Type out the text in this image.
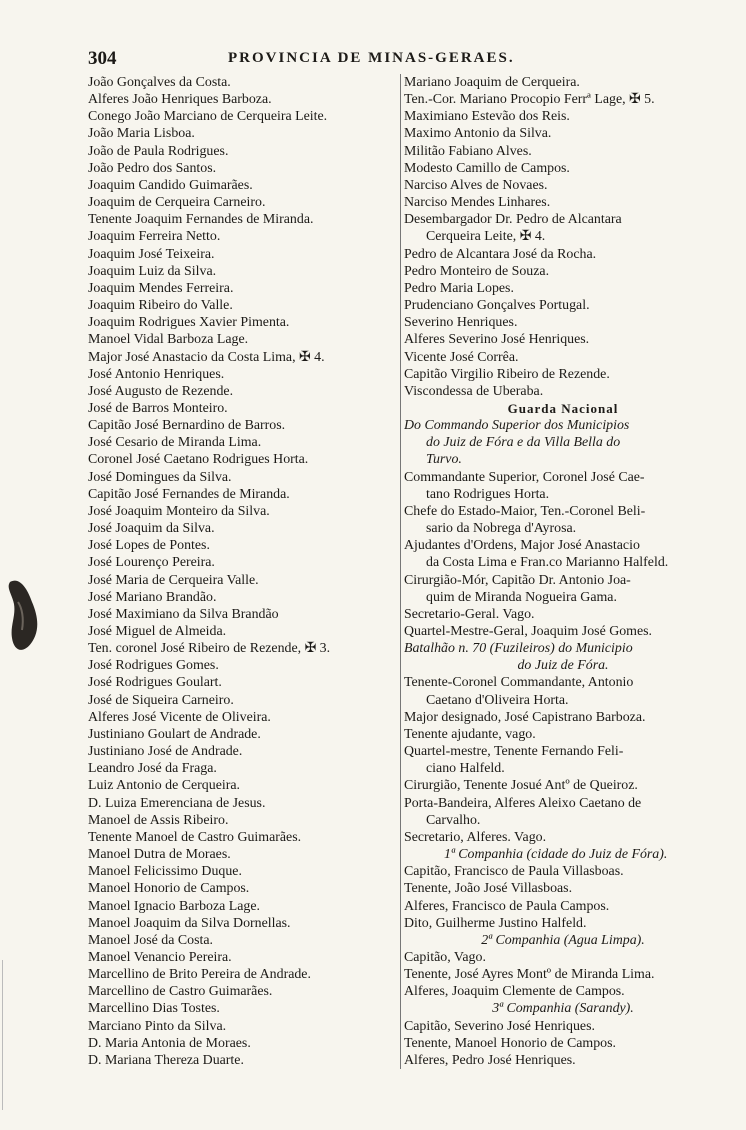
304	PROVINCIA DE MINAS-GERAES.
João Gonçalves da Costa.
Alferes João Henriques Barboza.
Conego João Marciano de Cerqueira Leite.
João Maria Lisboa.
João de Paula Rodrigues.
João Pedro dos Santos.
Joaquim Candido Guimarães.
Joaquim de Cerqueira Carneiro.
Tenente Joaquim Fernandes de Miranda.
Joaquim Ferreira Netto.
Joaquim José Teixeira.
Joaquim Luiz da Silva.
Joaquim Mendes Ferreira.
Joaquim Ribeiro do Valle.
Joaquim Rodrigues Xavier Pimenta.
Manoel Vidal Barboza Lage.
Major José Anastacio da Costa Lima, ✠ 4.
José Antonio Henriques.
José Augusto de Rezende.
José de Barros Monteiro.
Capitão José Bernardino de Barros.
José Cesario de Miranda Lima.
Coronel José Caetano Rodrigues Horta.
José Domingues da Silva.
Capitão José Fernandes de Miranda.
José Joaquim Monteiro da Silva.
José Joaquim da Silva.
José Lopes de Pontes.
José Lourenço Pereira.
José Maria de Cerqueira Valle.
José Mariano Brandão.
José Maximiano da Silva Brandão
José Miguel de Almeida.
Ten. coronel José Ribeiro de Rezende, ✠ 3.
José Rodrigues Gomes.
José Rodrigues Goulart.
José de Siqueira Carneiro.
Alferes José Vicente de Oliveira.
Justiniano Goulart de Andrade.
Justiniano José de Andrade.
Leandro José da Fraga.
Luiz Antonio de Cerqueira.
D. Luiza Emerenciana de Jesus.
Manoel de Assis Ribeiro.
Tenente Manoel de Castro Guimarães.
Manoel Dutra de Moraes.
Manoel Felicissimo Duque.
Manoel Honorio de Campos.
Manoel Ignacio Barboza Lage.
Manoel Joaquim da Silva Dornellas.
Manoel José da Costa.
Manoel Venancio Pereira.
Marcellino de Brito Pereira de Andrade.
Marcellino de Castro Guimarães.
Marcellino Dias Tostes.
Marciano Pinto da Silva.
D. Maria Antonia de Moraes.
D. Mariana Thereza Duarte.
Mariano Joaquim de Cerqueira.
Ten.-Cor. Mariano Procopio Ferrª Lage, ✠ 5.
Maximiano Estevão dos Reis.
Maximo Antonio da Silva.
Militão Fabiano Alves.
Modesto Camillo de Campos.
Narciso Alves de Novaes.
Narciso Mendes Linhares.
Desembargador Dr. Pedro de Alcantara
Cerqueira Leite, ✠ 4.
Pedro de Alcantara José da Rocha.
Pedro Monteiro de Souza.
Pedro Maria Lopes.
Prudenciano Gonçalves Portugal.
Severino Henriques.
Alferes Severino José Henriques.
Vicente José Corrêa.
Capitão Virgilio Ribeiro de Rezende.
Viscondessa de Uberaba.
Guarda Nacional
Do Commando Superior dos Municipios
do Juiz de Fóra e da Villa Bella do
Turvo.
Commandante Superior, Coronel José Cae-
tano Rodrigues Horta.
Chefe do Estado-Maior, Ten.-Coronel Beli-
sario da Nobrega d'Ayrosa.
Ajudantes d'Ordens, Major José Anastacio
da Costa Lima e Fran.co Marianno Halfeld.
Cirurgião-Mór, Capitão Dr. Antonio Joa-
quim de Miranda Nogueira Gama.
Secretario-Geral. Vago.
Quartel-Mestre-Geral, Joaquim José Gomes.
Batalhão n. 70 (Fuzileiros) do Municipio
do Juiz de Fóra.
Tenente-Coronel Commandante, Antonio
Caetano d'Oliveira Horta.
Major designado, José Capistrano Barboza.
Tenente ajudante, vago.
Quartel-mestre, Tenente Fernando Feli-
ciano Halfeld.
Cirurgião, Tenente Josué Antº de Queiroz.
Porta-Bandeira, Alferes Aleixo Caetano de
Carvalho.
Secretario, Alferes. Vago.
1ª Companhia (cidade do Juiz de Fóra).
Capitão, Francisco de Paula Villasboas.
Tenente, João José Villasboas.
Alferes, Francisco de Paula Campos.
Dito, Guilherme Justino Halfeld.
2ª Companhia (Agua Limpa).
Capitão, Vago.
Tenente, José Ayres Montº de Miranda Lima.
Alferes, Joaquim Clemente de Campos.
3ª Companhia (Sarandy).
Capitão, Severino José Henriques.
Tenente, Manoel Honorio de Campos.
Alferes, Pedro José Henriques.
